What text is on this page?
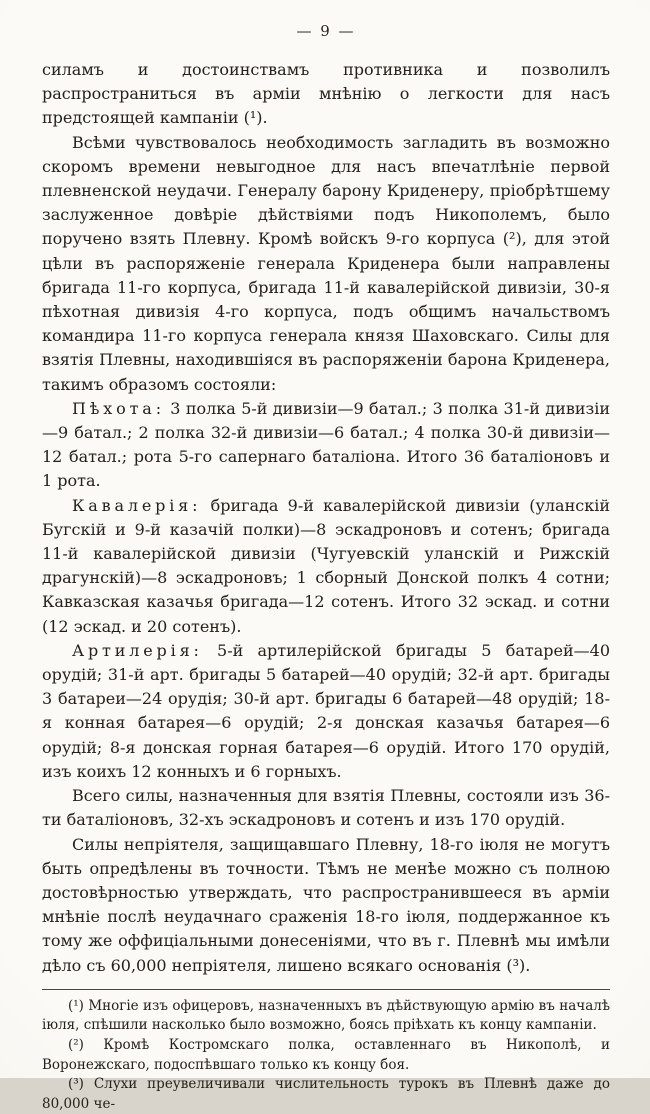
— 9 —

силамъ и достоинствамъ противника и позволилъ распространиться въ арміи мнѣнію о легкости для насъ предстоящей кампаніи (¹).

Всѣми чувствовалось необходимость загладить въ возможно скоромъ времени невыгодное для насъ впечатлѣніе первой плевненской неудачи. Генералу барону Криденеру, пріобрѣтшему заслуженное довѣріе дѣйствіями подъ Никополемъ, было поручено взять Плевну. Кромѣ войскъ 9-го корпуса (²), для этой цѣли въ распоряженіе генерала Криденера были направлены бригада 11-го корпуса, бригада 11-й кавалерійской дивизіи, 30-я пѣхотная дивизія 4-го корпуса, подъ общимъ начальствомъ командира 11-го корпуса генерала князя Шаховскаго. Силы для взятія Плевны, находившіяся въ распоряженіи барона Криденера, такимъ образомъ состояли:

Пѣхота: 3 полка 5-й дивизіи—9 батал.; 3 полка 31-й дивизіи—9 батал.; 2 полка 32-й дивизіи—6 батал.; 4 полка 30-й дивизіи—12 батал.; рота 5-го сапернаго баталіона. Итого 36 баталіоновъ и 1 рота.

Кавалерія: бригада 9-й кавалерійской дивизіи (уланскій Бугскій и 9-й казачій полки)—8 эскадроновъ и сотенъ; бригада 11-й кавалерійской дивизіи (Чугуевскій уланскій и Рижскій драгунскій)—8 эскадроновъ; 1 сборный Донской полкъ 4 сотни; Кавказская казачья бригада—12 сотенъ. Итого 32 эскад. и сотни (12 эскад. и 20 сотенъ).

Артилерія: 5-й артилерійской бригады 5 батарей—40 орудій; 31-й арт. бригады 5 батарей—40 орудій; 32-й арт. бригады 3 батареи—24 орудія; 30-й арт. бригады 6 батарей—48 орудій; 18-я конная батарея—6 орудій; 2-я донская казачья батарея—6 орудій; 8-я донская горная батарея—6 орудій. Итого 170 орудій, изъ коихъ 12 конныхъ и 6 горныхъ.

Всего силы, назначенныя для взятія Плевны, состояли изъ 36-ти баталіоновъ, 32-хъ эскадроновъ и сотенъ и изъ 170 орудій.

Силы непріятеля, защищавшаго Плевну, 18-го іюля не могутъ быть опредѣлены въ точности. Тѣмъ не менѣе можно съ полною достовѣрностью утверждать, что распространившееся въ арміи мнѣніе послѣ неудачнаго сраженія 18-го іюля, поддержанное къ тому же оффиціальными донесеніями, что въ г. Плевнѣ мы имѣли дѣло съ 60,000 непріятеля, лишено всякаго основанія (³).

(¹) Многіе изъ офицеровъ, назначенныхъ въ дѣйствующую армію въ началѣ іюля, спѣшили насколько было возможно, боясь пріѣхать къ концу кампаніи.

(²) Кромѣ Костромскаго полка, оставленнаго въ Никополѣ, и Воронежскаго, подоспѣвшаго только къ концу боя.

(³) Слухи преувеличивали числительность турокъ въ Плевнѣ даже до 80,000 че-
